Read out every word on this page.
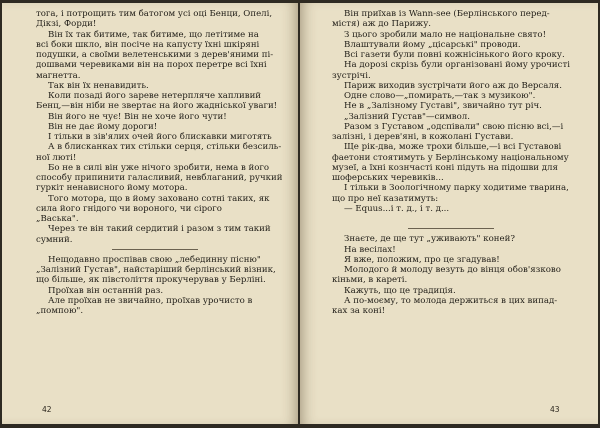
тога, і потрощить тим батогом усі оці Бенци, Опелі,
Дікзі, Форди!
Він їх так битиме, так битиме, що летітиме на
всі боки шкло, він посіче на капусту їхні шкіряні
подушки, а своїми велетенськими з дерев'яними пі-
дошвами черевиками він на порох перетре всі їхні
магнетта.
Так він їх ненавидить.
Коли позаді його зареве нетерпляче хапливий
Бенц,—він ніби не звертає на його жадніської уваги!
Він його не чує! Він не хоче його чути!
Він не дає йому дороги!
І тільки в зів'ялих очей його блискавки миготять
А в блисканках тих стільки серця, стільки безсиль-
ної люті!
Бо не в силі він уже нічого зробити, нема в його
способу припинити галасливий, невблаганий, ручкий
гуркіт ненависного йому мотора.
Того мотора, що в йому заховано сотні таких, як
сила його гнідого чи вороного, чи сірого
„Васька".
Через те він такий сердитий і разом з тим такий
сумний.
Нещодавно проспівав свою „лебединну пісню"
„Залізний Густав", найстаріший берлінський візник,
що більше, як півстоліття прокучерував у Берліні.
Проїхав він останній раз.
Але проїхав не звичайно, проїхав урочисто в
„помпою".
42
Він приїхав із Wann-see (Берлінського перед-
містя) аж до Парижу.
З цього зробили мало не національне свято!
Влаштували йому „цісарські" проводи.
Всі газети були повні кожнісінького його кроку.
На дорозі скрізь були організовані йому урочисті
зустрічі.
Париж виходив зустрічати його аж до Версаля.
Одне слово—„помирать,—так з музикою".
Не в „Залізному Густаві", звичайно тут річ.
„Залізний Густав"—символ.
Разом з Густавом „одспівали" свою пісню всі,—і
залізні, і дерев'яні, в кожолані Густави.
Ще рік-два, може трохи більше,—і всі Густавові
фаетони стоятимуть у Берлінському національному
музеї, а їхні кознчасті коні підуть на підошви для
шоферських черевиків...
І тільки в Зоологічному парку ходитиме тварина,
що про неї казатимуть:
— Equus...і т. д., і т. д...
Знаєте, де ще тут „уживають" коней?
На весілах!
Я вже, положим, про це згадував!
Молодого й молоду везуть до вінця обов'язково
кіньми, в кареті.
Кажуть, що це традиція.
А по-моєму, то молода держиться в цих випад-
ках за коні!
43
